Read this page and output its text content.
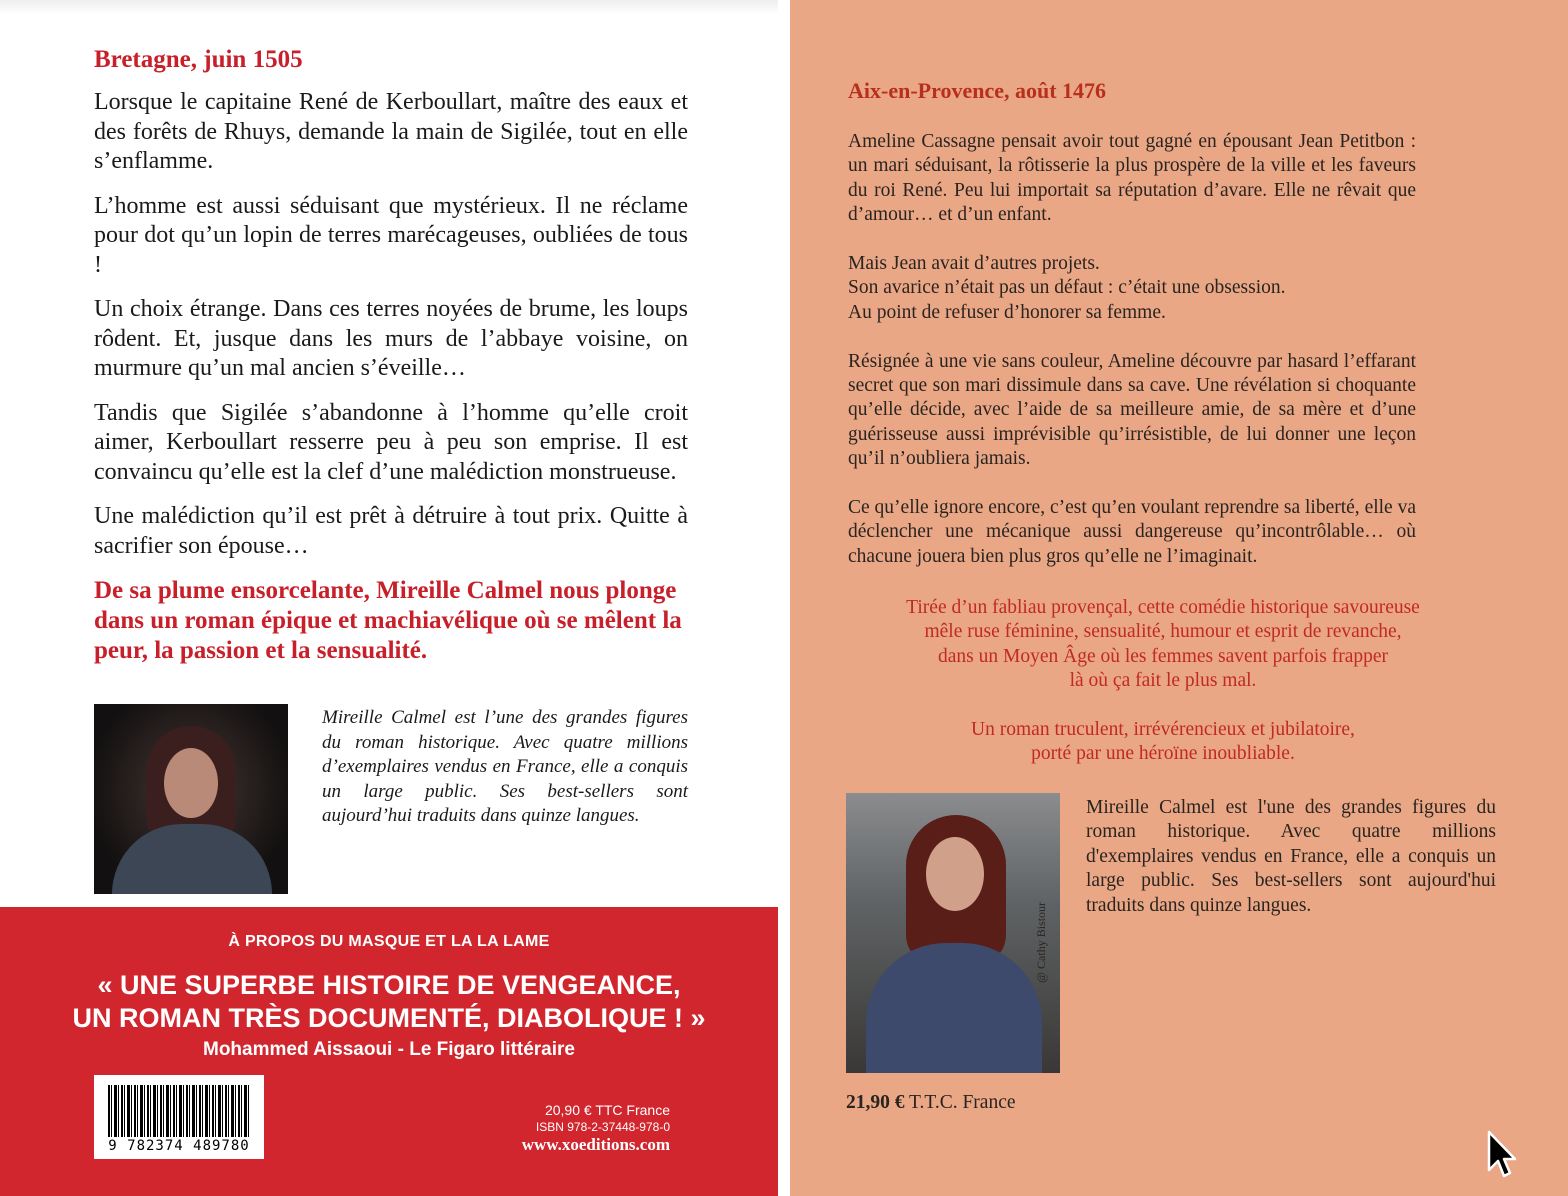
Bretagne, juin 1505

Lorsque le capitaine René de Kerboullart, maître des eaux et des forêts de Rhuys, demande la main de Sigilée, tout en elle s’enflamme.

L’homme est aussi séduisant que mystérieux. Il ne réclame pour dot qu’un lopin de terres marécageuses, oubliées de tous !

Un choix étrange. Dans ces terres noyées de brume, les loups rôdent. Et, jusque dans les murs de l’abbaye voisine, on murmure qu’un mal ancien s’éveille…

Tandis que Sigilée s’abandonne à l’homme qu’elle croit aimer, Kerboullart resserre peu à peu son emprise. Il est convaincu qu’elle est la clef d’une malédiction monstrueuse.

Une malédiction qu’il est prêt à détruire à tout prix. Quitte à sacrifier son épouse…

De sa plume ensorcelante, Mireille Calmel nous plonge dans un roman épique et machiavélique où se mêlent la peur, la passion et la sensualité.

Mireille Calmel est l’une des grandes figures du roman historique. Avec quatre millions d’exemplaires vendus en France, elle a conquis un large public. Ses best-sellers sont aujourd’hui traduits dans quinze langues.
À PROPOS DU MASQUE ET LA LA LAME
« UNE SUPERBE HISTOIRE DE VENGEANCE,
UN ROMAN TRÈS DOCUMENTÉ, DIABOLIQUE ! »
Mohammed Aissaoui - Le Figaro littéraire
9 782374 489780
20,90 € TTC France
ISBN 978-2-37448-978-0
www.xoeditions.com
Aix-en-Provence, août 1476

Ameline Cassagne pensait avoir tout gagné en épousant Jean Petitbon : un mari séduisant, la rôtisserie la plus prospère de la ville et les faveurs du roi René. Peu lui importait sa réputation d’avare. Elle ne rêvait que d’amour… et d’un enfant.

Mais Jean avait d’autres projets.
Son avarice n’était pas un défaut : c’était une obsession.
Au point de refuser d’honorer sa femme.

Résignée à une vie sans couleur, Ameline découvre par hasard l’effarant secret que son mari dissimule dans sa cave. Une révélation si choquante qu’elle décide, avec l’aide de sa meilleure amie, de sa mère et d’une guérisseuse aussi imprévisible qu’irrésistible, de lui donner une leçon qu’il n’oubliera jamais.

Ce qu’elle ignore encore, c’est qu’en voulant reprendre sa liberté, elle va déclencher une mécanique aussi dangereuse qu’incontrôlable… où chacune jouera bien plus gros qu’elle ne l’imaginait.

Tirée d’un fabliau provençal, cette comédie historique savoureuse
mêle ruse féminine, sensualité, humour et esprit de revanche,
dans un Moyen Âge où les femmes savent parfois frapper
là où ça fait le plus mal.

Un roman truculent, irrévérencieux et jubilatoire,
porté par une héroïne inoubliable.

@ Cathy Bistour
Mireille Calmel est l'une des grandes figures du roman historique. Avec quatre millions d'exemplaires vendus en France, elle a conquis un large public. Ses best-sellers sont aujourd'hui traduits dans quinze langues.
21,90 € T.T.C. France
